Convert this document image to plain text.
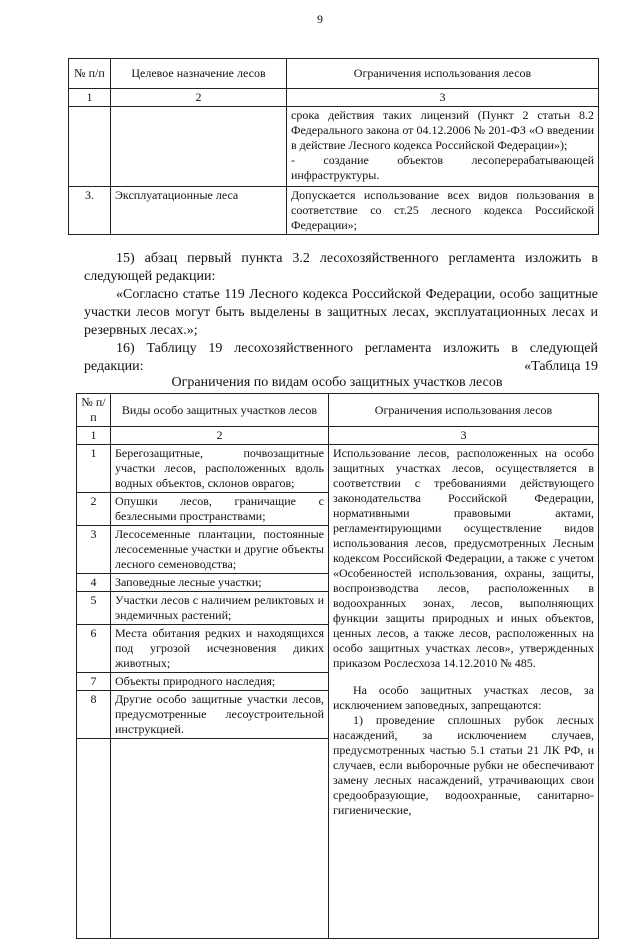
9
№ п/п	Целевое назначение лесов	Ограничения использования лесов
1	2	3
		срока действия таких лицензий (Пункт 2 статьи 8.2 Федерального закона от 04.12.2006 № 201-ФЗ «О введении в действие Лесного кодекса Российской Федерации»);
- создание объектов лесоперерабатывающей инфраструктуры.
3.	Эксплуатационные леса	Допускается использование всех видов пользования в соответствие со ст.25 лесного кодекса Российской Федерации»;
15) абзац первый пункта 3.2 лесохозяйственного регламента изложить в следующей редакции:
«Согласно статье 119 Лесного кодекса Российской Федерации, особо защитные участки лесов могут быть выделены в защитных лесах, эксплуатационных лесах и резервных лесах.»;
16) Таблицу 19 лесохозяйственного регламента изложить в следующей редакции:	«Таблица 19
Ограничения по видам особо защитных участков лесов
№ п/п	Виды особо защитных участков лесов	Ограничения использования лесов
1	2	3
1	Берегозащитные, почвозащитные участки лесов, расположенных вдоль водных объектов, склонов оврагов;	Использование лесов, расположенных на особо защитных участках лесов, осуществляется в соответствии с требованиями действующего законодательства Российской Федерации, нормативными правовыми актами, регламентирующими осуществление видов использования лесов, предусмотренных Лесным кодексом Российской Федерации, а также с учетом «Особенностей использования, охраны, защиты, воспроизводства лесов, расположенных в водоохранных зонах, лесов, выполняющих функции защиты природных и иных объектов, ценных лесов, а также лесов, расположенных на особо защитных участках лесов», утвержденных приказом Рослесхоза 14.12.2010 № 485.
На особо защитных участках лесов, за исключением заповедных, запрещаются:
1) проведение сплошных рубок лесных насаждений, за исключением случаев, предусмотренных частью 5.1 статьи 21 ЛК РФ, и случаев, если выборочные рубки не обеспечивают замену лесных насаждений, утрачивающих свои средообразующие, водоохранные, санитарно-гигиенические,

2	Опушки лесов, граничащие с безлесными пространствами;	
3	Лесосеменные плантации, постоянные лесосеменные участки и другие объекты лесного семеноводства;	
4	Заповедные лесные участки;	
5	Участки лесов с наличием реликтовых и эндемичных растений;	
6	Места обитания редких и находящихся под угрозой исчезновения диких животных;	
7	Объекты природного наследия;	
8	Другие особо защитные участки лесов, предусмотренные лесоустроительной инструкцией.	
